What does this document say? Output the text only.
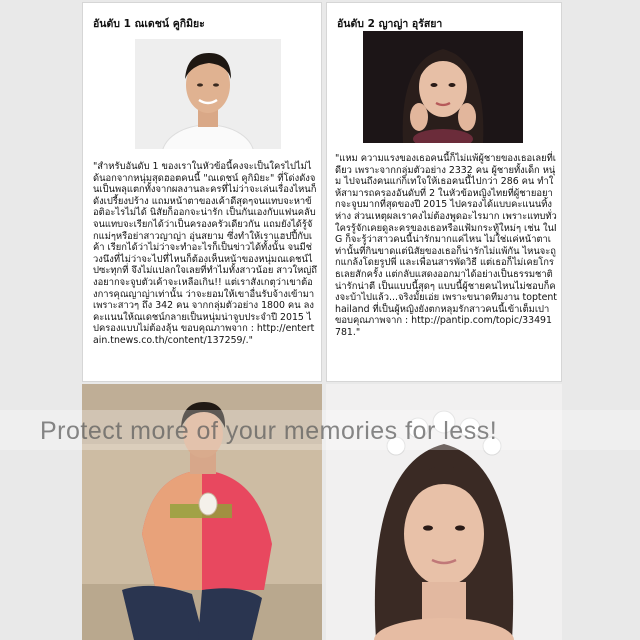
อันดับ 1 ณเดชน์ คูกิมิยะ
"สำหรับอันดับ 1 ของเราในหัวข้อนี้คงจะเป็นใครไปไม่ได้นอกจากหนุ่มสุดฮอตคนนี้ "ณเดชน์ คูกิมิยะ" ที่โด่งดังจนเป็นพลุแตกทั้งจากผลงานละครที่ไม่ว่าจะเล่นเรื่องไหนก็ดังเปรี้ยงปร้าง แถมหน้าตาของเค้าดีสุดๆจนแทบจะหาข้อติอะไรไม่ได้ นิสัยก็ออกจะน่ารัก เป็นกันเองกับแฟนคลับ จนแทบจะเรียกได้ว่าเป็นครองครัวเดียวกัน แถมยังได้รู้จักแม่ๆหรือย่าสาวญาญ่า อุ่นสยาม ซึ่งทำให้เราแฮปปี้กับเค้า เรียกได้ว่าไม่ว่าจะทำอะไรก็เป็นข่าวได้ทั้งนั้น จนมีช่วงนึงที่ไม่ว่าจะไปที่ไหนก็ต้องเห็นหน้าของหนุ่มณเดชน์ไปซะทุกที่ จึงไม่แปลกใจเลยที่ทำไมทั้งสาวน้อย สาวใหญ่ถึงอยากจะจูบตัวเค้าจะเหลือเกิน!! แต่เราสังเกตุว่าเขาต้องการคุณญาญ่าเท่านั้น ว่าจะยอมให้เขาอื่นรับจ้างเข้ามา เพราะสาวๆ ถึง 342 คน จากกลุ่มตัวอย่าง 1800 คน ลงคะแนนให้ณเดชน์กลายเป็นหนุ่มน่าจูบประจำปี 2015 ไปครองแบบไม่ต้องลุ้น ขอบคุณภาพจาก : http://entertain.tnews.co.th/content/137259/."
อันดับ 2 ญาญ่า อุรัสยา
"แหม ความแรงของเธอคนนี้ก็ไม่แพ้ผู้ชายของเธอเลยที่เดียว เพราะจากกลุ่มตัวอย่าง 2332 คน ผู้ชายทั้งเด็ก หนุ่ม ไปจนถึงคนแก่ก็เทใจให้เธอคนนี้ไปกว่า 286 คน ทำให้สามารถครองอันดับที่ 2 ในหัวข้อหญิงไทยที่ผู้ชายอยากจะจูบมากที่สุดของปี 2015 ไปครองได้แบบคะแนนทิ้งห่าง ส่วนเหตุผลเราคงไม่ต้องพูดอะไรมาก เพราะแทบทั่วใครรู้จักเคยดูละครของเธอหรือแฟ้มกระทู้ใหม่ๆ เช่น ในIG ก็จะรู้ว่าสาวคนนี้น่ารักมากแค่ไหน ไม่ใช่แค่หน้าตาเท่านั้นที่กินขาดแต่นิสัยของเธอก็น่ารักไม่แพ้กัน ไหนจะถูกแกล้งโดยรูปพี่ และเพื่อนสารพัดวิธี แต่เธอก็ไม่เคยโกรธเลยสักครั้ง แต่กลับแสดงออกมาได้อย่างเป็นธรรมชาติ น่ารักน่าตี เป็นแบบนี้สุดๆ แบบนี้ผู้ชายคนไหนไม่ชอบก็คงจะบ้าไปแล้ว...จริงมั้ยเอ่ย เพราะขนาดทีมงาน toptenthailand ที่เป็นผู้หญิงยังตกหลุมรักสาวคนนี้เข้าเต็มเปา ขอบคุณภาพจาก : http://pantip.com/topic/33491781."
Protect more of your memories for less!
